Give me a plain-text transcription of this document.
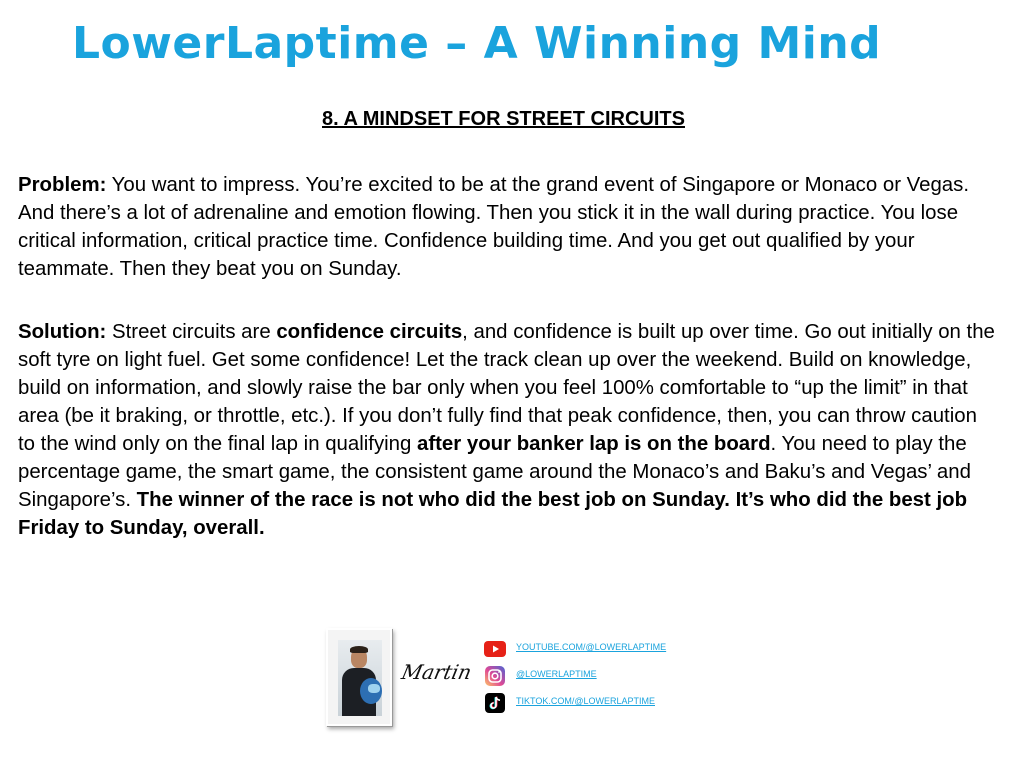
LowerLaptime – A Winning Mind
8. A MINDSET FOR STREET CIRCUITS
Problem: You want to impress. You’re excited to be at the grand event of Singapore or Monaco or Vegas. And there’s a lot of adrenaline and emotion flowing. Then you stick it in the wall during practice. You lose critical information, critical practice time. Confidence building time. And you get out qualified by your teammate. Then they beat you on Sunday.
Solution: Street circuits are confidence circuits, and confidence is built up over time. Go out initially on the soft tyre on light fuel. Get some confidence! Let the track clean up over the weekend. Build on knowledge, build on information, and slowly raise the bar only when you feel 100% comfortable to “up the limit” in that area (be it braking, or throttle, etc.). If you don’t fully find that peak confidence, then, you can throw caution to the wind only on the final lap in qualifying after your banker lap is on the board. You need to play the percentage game, the smart game, the consistent game around the Monaco’s and Baku’s and Vegas’ and Singapore’s. The winner of the race is not who did the best job on Sunday. It’s who did the best job Friday to Sunday, overall.
Martin
YOUTUBE.COM/@LOWERLAPTIME
@LOWERLAPTIME
TIKTOK.COM/@LOWERLAPTIME
